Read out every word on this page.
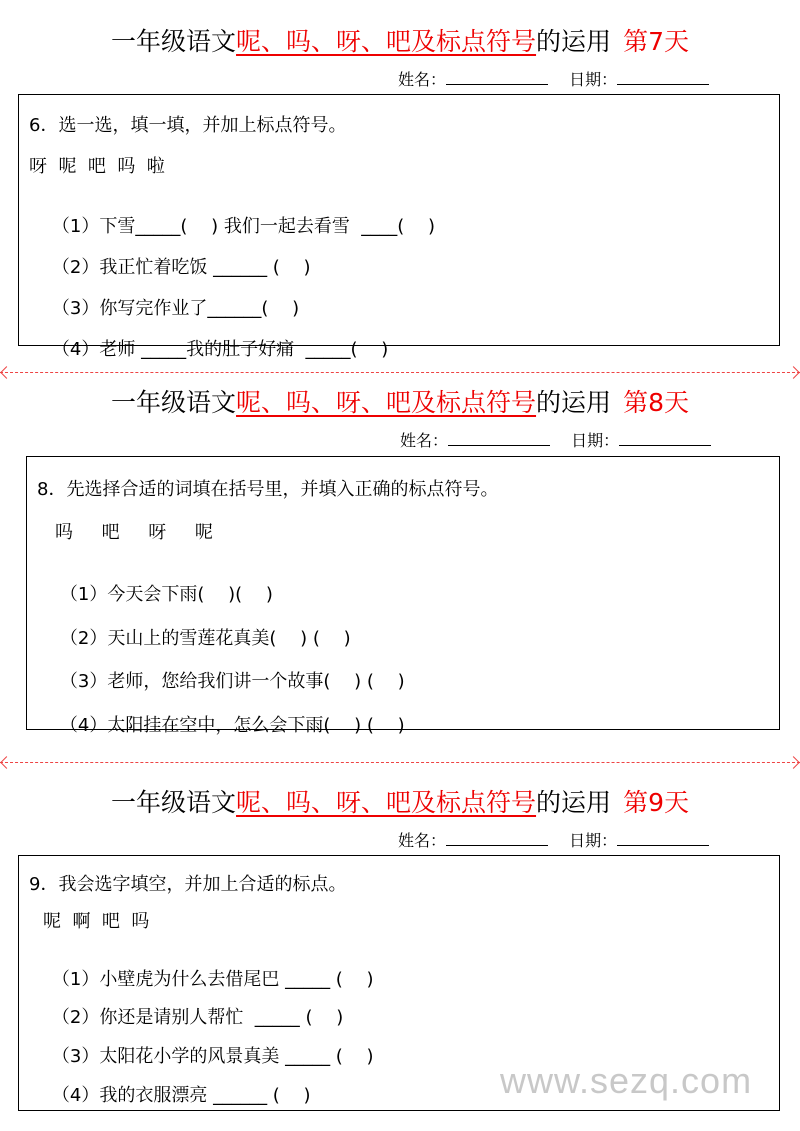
一年级语文呢、吗、呀、吧及标点符号的运用 第7天
姓名：	日期：
6．选一选，填一填，并加上标点符号。
呀  呢  吧  吗  啦

（1）下雪_____(　 ) 我们一起去看雪  ____(　 )

（2）我正忙着吃饭 ______ (　 )

（3）你写完作业了______(　 )

（4）老师 _____我的肚子好痛  _____(　 )

一年级语文呢、吗、呀、吧及标点符号的运用 第8天
姓名：	日期：
8．先选择合适的词填在括号里，并填入正确的标点符号。
吗     吧     呀     呢

（1）今天会下雨(　 )(　 )

（2）天山上的雪莲花真美(　 ) (　 )

（3）老师，您给我们讲一个故事(　 ) (　 )

（4）太阳挂在空中，怎么会下雨(　 ) (　 )

一年级语文呢、吗、呀、吧及标点符号的运用 第9天
姓名：	日期：
9．我会选字填空，并加上合适的标点。
呢  啊  吧  吗

（1）小壁虎为什么去借尾巴 _____ (　 )

（2）你还是请别人帮忙  _____ (　 )

（3）太阳花小学的风景真美 _____ (　 )

（4）我的衣服漂亮 ______ (　 )
	www.sezq.com
